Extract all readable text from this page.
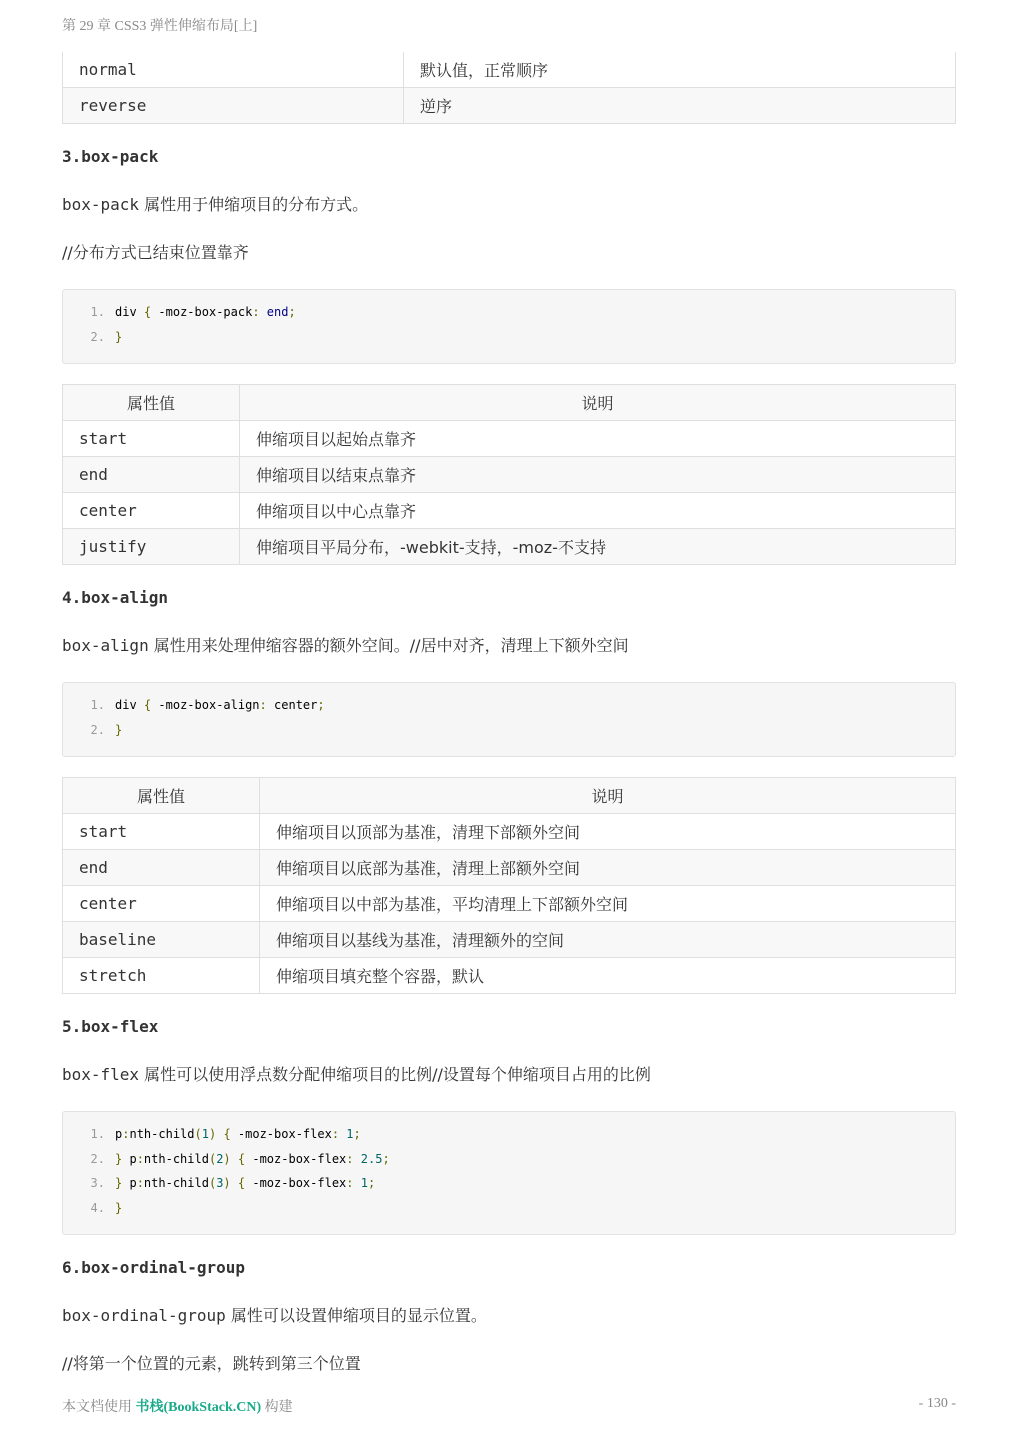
第 29 章 CSS3 弹性伸缩布局[上]
normal	默认值，正常顺序
reverse	逆序
3.box-pack

box-pack 属性用于伸缩项目的分布方式。

//分布方式已结束位置靠齐

1. div { -moz-box-pack: end;
2. }
属性值	说明
start	伸缩项目以起始点靠齐
end	伸缩项目以结束点靠齐
center	伸缩项目以中心点靠齐
justify	伸缩项目平局分布，-webkit-支持，-moz-不支持
4.box-align

box-align 属性用来处理伸缩容器的额外空间。//居中对齐，清理上下额外空间

1. div { -moz-box-align: center;
2. }
属性值	说明
start	伸缩项目以顶部为基准，清理下部额外空间
end	伸缩项目以底部为基准，清理上部额外空间
center	伸缩项目以中部为基准，平均清理上下部额外空间
baseline	伸缩项目以基线为基准，清理额外的空间
stretch	伸缩项目填充整个容器，默认
5.box-flex

box-flex 属性可以使用浮点数分配伸缩项目的比例//设置每个伸缩项目占用的比例

1. p:nth-child(1) { -moz-box-flex: 1;
2. } p:nth-child(2) { -moz-box-flex: 2.5;
3. } p:nth-child(3) { -moz-box-flex: 1;
4. }
6.box-ordinal-group

box-ordinal-group 属性可以设置伸缩项目的显示位置。

//将第一个位置的元素，跳转到第三个位置

本文档使用 书栈(BookStack.CN) 构建	- 130 -
